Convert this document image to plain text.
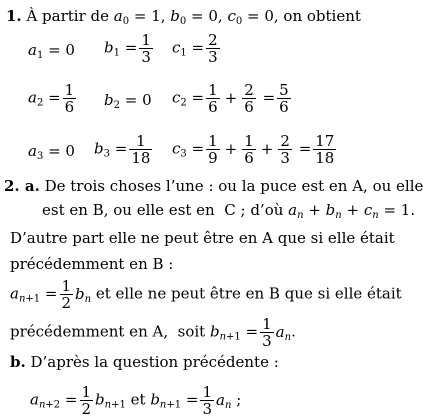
1. À partir de $a_0 = 1$, $b_0 = 0$, $c_0 = 0$, on obtient
$a_1 = 0$ $b_1 = \frac{1}{3} c_1 = \frac{2}{3}$
$a_2 = \frac{1}{6} b_2 = 0$ $c_2 = \frac{1}{6} + \frac{2}{6} = \frac{5}{6}$
$a_3 = 0$ $b_3 = \frac{1}{18} c_3 = \frac{1}{9} + \frac{1}{6} + \frac{2}{3} = \frac{17}{18}$
2. a. De trois choses l’une : ou la puce est en A, ou elle
est en B, ou elle est en  C ; d’où $a_n + b_n + c_n = 1$.
D’autre part elle ne peut être en A que si elle était
précédemment en B :
$a_{n+1} = \frac{1}{2} b_n$ et elle ne peut être en B que si elle était
précédemment en A,  soit $b_{n+1} = \frac{1}{3} a_n$.
b. D’après la question précédente :
$a_{n+2} = \frac{1}{2} b_{n+1}$ et $b_{n+1} = \frac{1}{3} a_n$ ;
